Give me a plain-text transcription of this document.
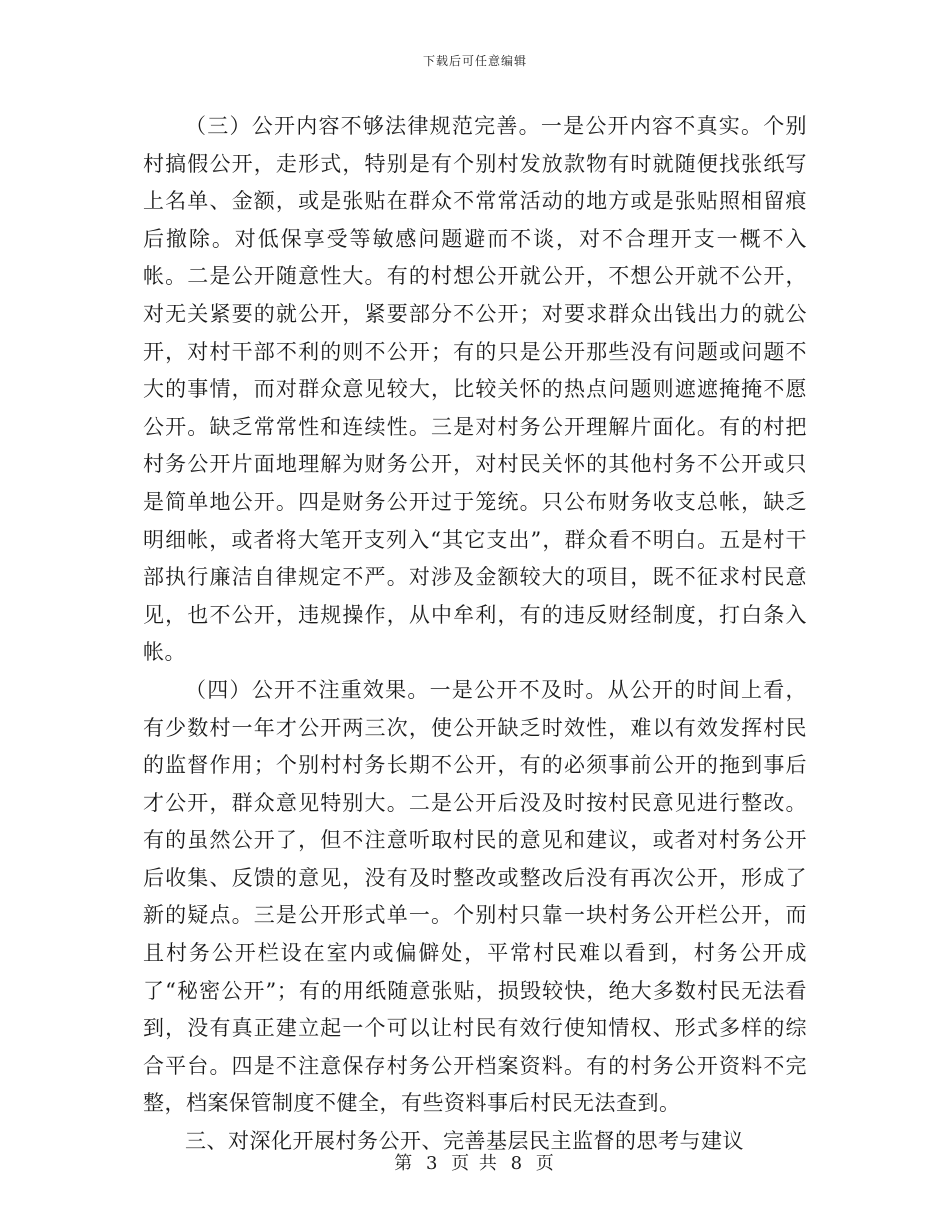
下载后可任意编辑

（三）公开内容不够法律规范完善。一是公开内容不真实。个别村搞假公开，走形式，特别是有个别村发放款物有时就随便找张纸写上名单、金额，或是张贴在群众不常常活动的地方或是张贴照相留痕后撤除。对低保享受等敏感问题避而不谈，对不合理开支一概不入帐。二是公开随意性大。有的村想公开就公开，不想公开就不公开，对无关紧要的就公开，紧要部分不公开；对要求群众出钱出力的就公开，对村干部不利的则不公开；有的只是公开那些没有问题或问题不大的事情，而对群众意见较大，比较关怀的热点问题则遮遮掩掩不愿公开。缺乏常常性和连续性。三是对村务公开理解片面化。有的村把村务公开片面地理解为财务公开，对村民关怀的其他村务不公开或只是简单地公开。四是财务公开过于笼统。只公布财务收支总帐，缺乏明细帐，或者将大笔开支列入“其它支出”，群众看不明白。五是村干部执行廉洁自律规定不严。对涉及金额较大的项目，既不征求村民意见，也不公开，违规操作，从中牟利，有的违反财经制度，打白条入帐。

（四）公开不注重效果。一是公开不及时。从公开的时间上看，有少数村一年才公开两三次，使公开缺乏时效性，难以有效发挥村民的监督作用；个别村村务长期不公开，有的必须事前公开的拖到事后才公开，群众意见特别大。二是公开后没及时按村民意见进行整改。有的虽然公开了，但不注意听取村民的意见和建议，或者对村务公开后收集、反馈的意见，没有及时整改或整改后没有再次公开，形成了新的疑点。三是公开形式单一。个别村只靠一块村务公开栏公开，而且村务公开栏设在室内或偏僻处，平常村民难以看到，村务公开成了“秘密公开”；有的用纸随意张贴，损毁较快，绝大多数村民无法看到，没有真正建立起一个可以让村民有效行使知情权、形式多样的综合平台。四是不注意保存村务公开档案资料。有的村务公开资料不完整，档案保管制度不健全，有些资料事后村民无法查到。

三、对深化开展村务公开、完善基层民主监督的思考与建议

第 3 页 共 8 页
